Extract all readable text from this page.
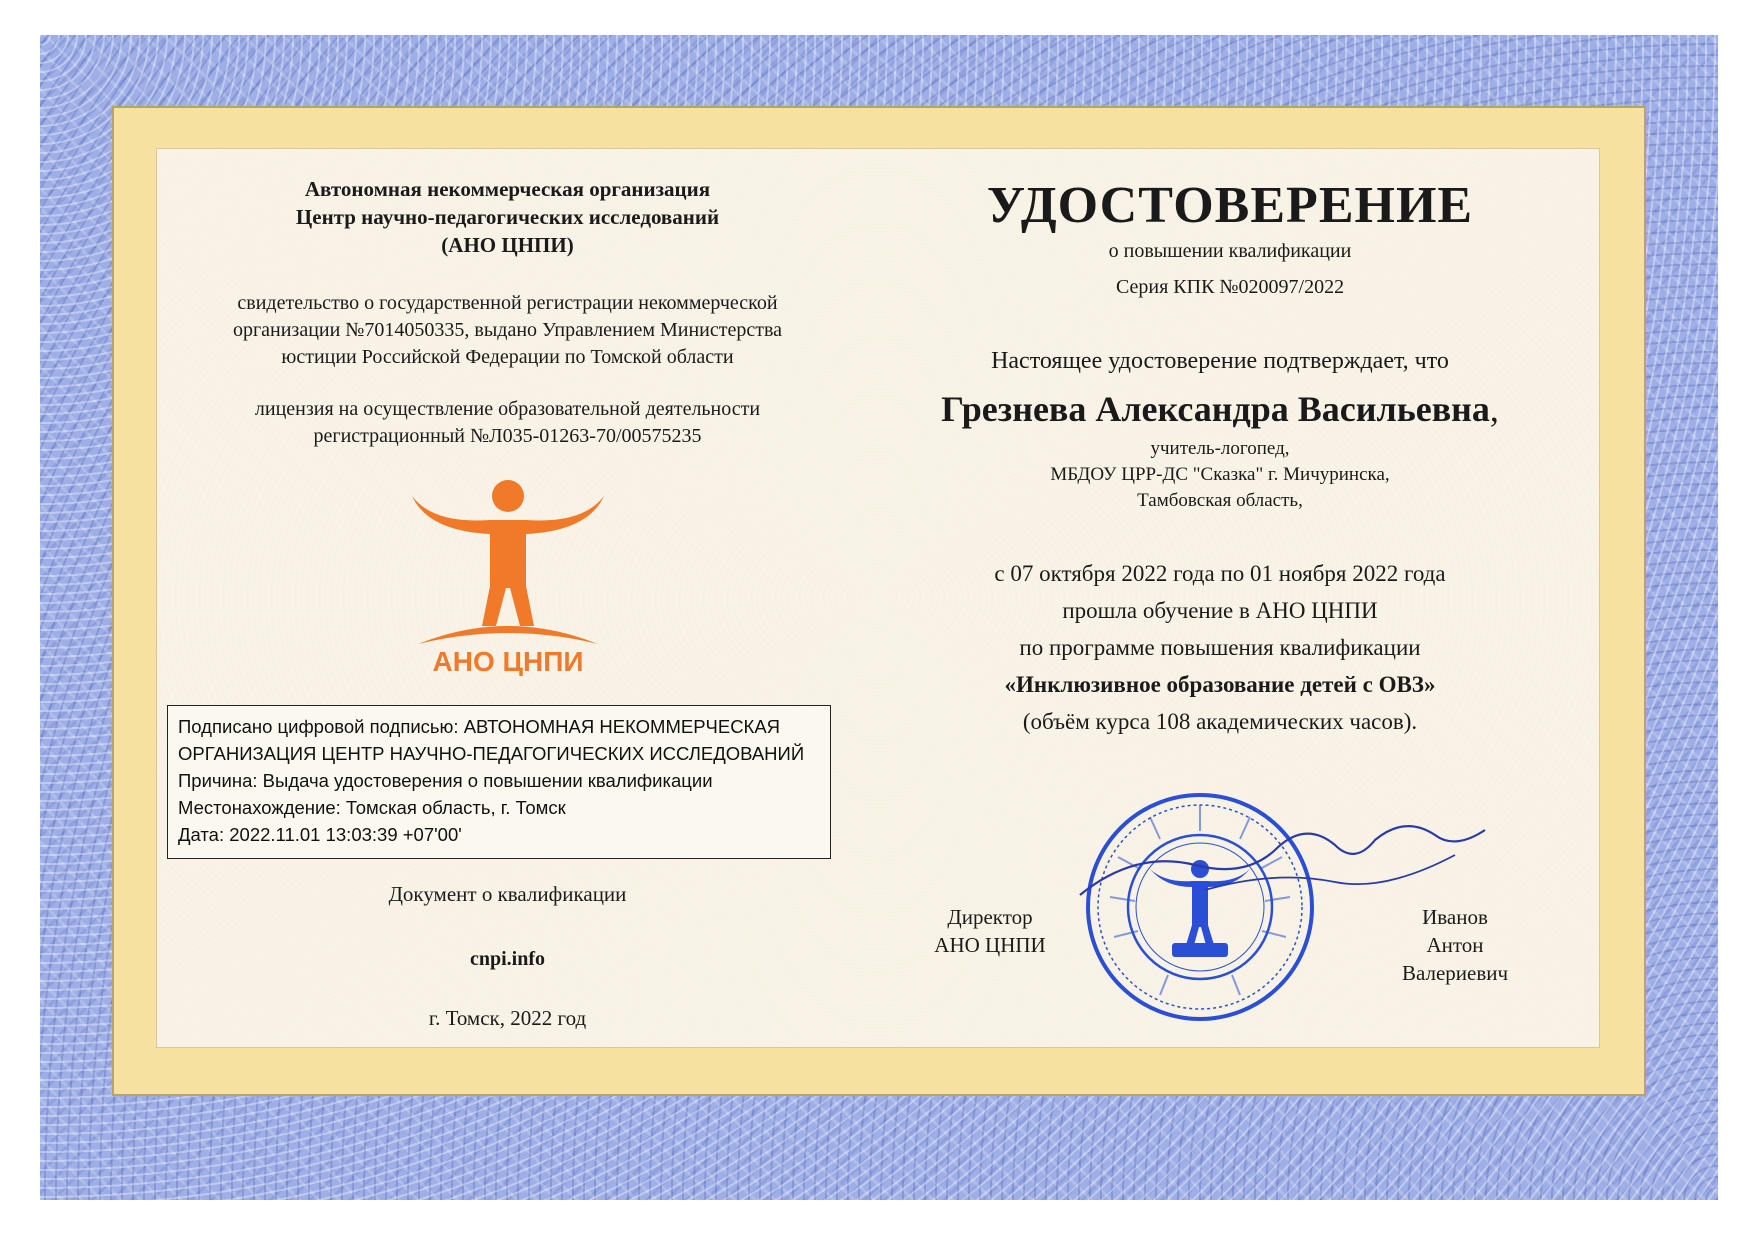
Автономная некоммерческая организация
Центр научно-педагогических исследований
(АНО ЦНПИ)
свидетельство о государственной регистрации некоммерческой
организации №7014050335, выдано Управлением Министерства
юстиции Российской Федерации по Томской области
лицензия на осуществление образовательной деятельности
регистрационный №Л035-01263-70/00575235
АНО ЦНПИ
Подписано цифровой подписью: АВТОНОМНАЯ НЕКОММЕРЧЕСКАЯ
ОРГАНИЗАЦИЯ ЦЕНТР НАУЧНО-ПЕДАГОГИЧЕСКИХ ИССЛЕДОВАНИЙ
Причина: Выдача удостоверения о повышении квалификации
Местонахождение: Томская область, г. Томск
Дата: 2022.11.01 13:03:39 +07'00'
Документ о квалификации
cnpi.info
г. Томск, 2022 год
УДОСТОВЕРЕНИЕ
о повышении квалификации
Серия КПК №020097/2022
Настоящее удостоверение подтверждает, что
Грезнева Александра Васильевна,
учитель-логопед,
МБДОУ ЦРР-ДС "Сказка" г. Мичуринска,
Тамбовская область,
с 07 октября 2022 года по 01 ноября 2022 года
прошла обучение в АНО ЦНПИ
по программе повышения квалификации
«Инклюзивное образование детей с ОВЗ»
(объём курса 108 академических часов).
Директор
АНО ЦНПИ
Иванов
Антон
Валериевич
